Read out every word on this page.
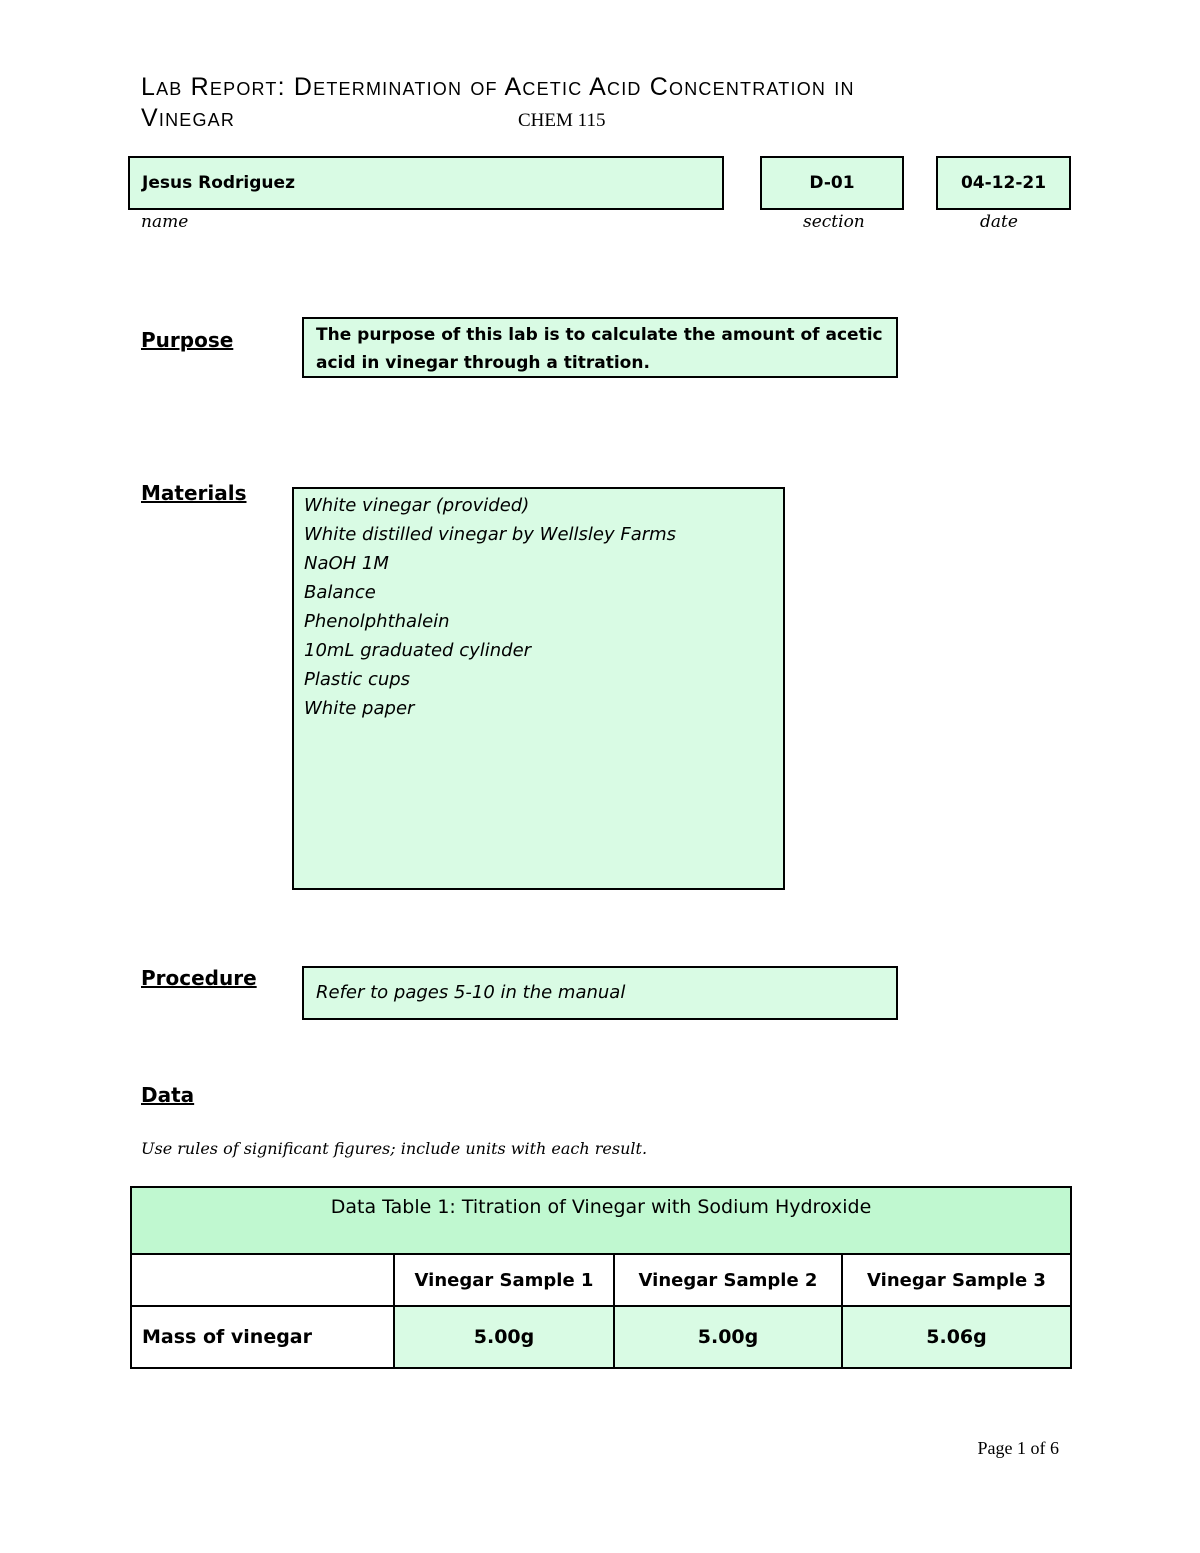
Lab Report: Determination of Acetic Acid Concentration in
Vinegar	CHEM 115
Jesus Rodriguez
name
D-01
section
04-12-21
date
Purpose	The purpose of this lab is to calculate the amount of acetic acid in vinegar through a titration.
Materials
White vinegar (provided)
White distilled vinegar by Wellsley Farms
NaOH 1M
Balance
Phenolphthalein
10mL graduated cylinder
Plastic cups
White paper
Procedure
Refer to pages 5-10 in the manual
Data
Use rules of significant figures; include units with each result.
Data Table 1: Titration of Vinegar with Sodium Hydroxide			
	Vinegar Sample 1	Vinegar Sample 2	Vinegar Sample 3
Mass of vinegar	5.00g	5.00g	5.06g
Page 1 of 6
